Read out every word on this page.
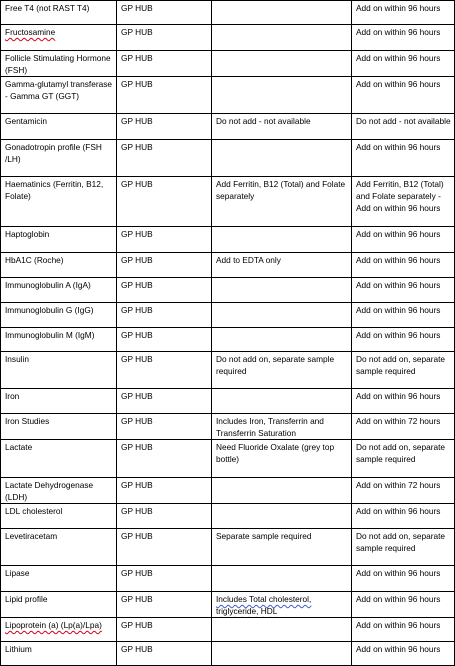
Free T4 (not RAST T4)	GP HUB		Add on within 96 hours
Fructosamine	GP HUB		Add on within 96 hours
Follicle Stimulating Hormone (FSH)	GP HUB		Add on within 96 hours
Gamma-glutamyl transferase - Gamma GT (GGT)	GP HUB		Add on within 96 hours
Gentamicin	GP HUB	Do not add - not available	Do not add - not available
Gonadotropin profile (FSH /LH)	GP HUB		Add on within 96 hours
Haematinics (Ferritin, B12, Folate)	GP HUB	Add Ferritin, B12 (Total) and Folate separately	Add Ferritin, B12 (Total) and Folate separately - Add on within 96 hours
Haptoglobin	GP HUB		Add on within 96 hours
HbA1C (Roche)	GP HUB	Add to EDTA only	Add on within 96 hours
Immunoglobulin A (IgA)	GP HUB		Add on within 96 hours
Immunoglobulin G (IgG)	GP HUB		Add on within 96 hours
Immunoglobulin M (IgM)	GP HUB		Add on within 96 hours
Insulin	GP HUB	Do not add on, separate sample required	Do not add on, separate sample required
Iron	GP HUB		Add on within 96 hours
Iron Studies	GP HUB	Includes Iron, Transferrin and Transferrin Saturation	Add on within 72 hours
Lactate	GP HUB	Need Fluoride Oxalate (grey top bottle)	Do not add on, separate sample required
Lactate Dehydrogenase (LDH)	GP HUB		Add on within 72 hours
LDL cholesterol	GP HUB		Add on within 96 hours
Levetiracetam	GP HUB	Separate sample required	Do not add on, separate sample required
Lipase	GP HUB		Add on within 96 hours
Lipid profile	GP HUB	Includes Total cholesterol, triglyceride, HDL	Add on within 96 hours
Lipoprotein (a) (Lp(a)/Lpa)	GP HUB		Add on within 96 hours
Lithium	GP HUB		Add on within 96 hours
